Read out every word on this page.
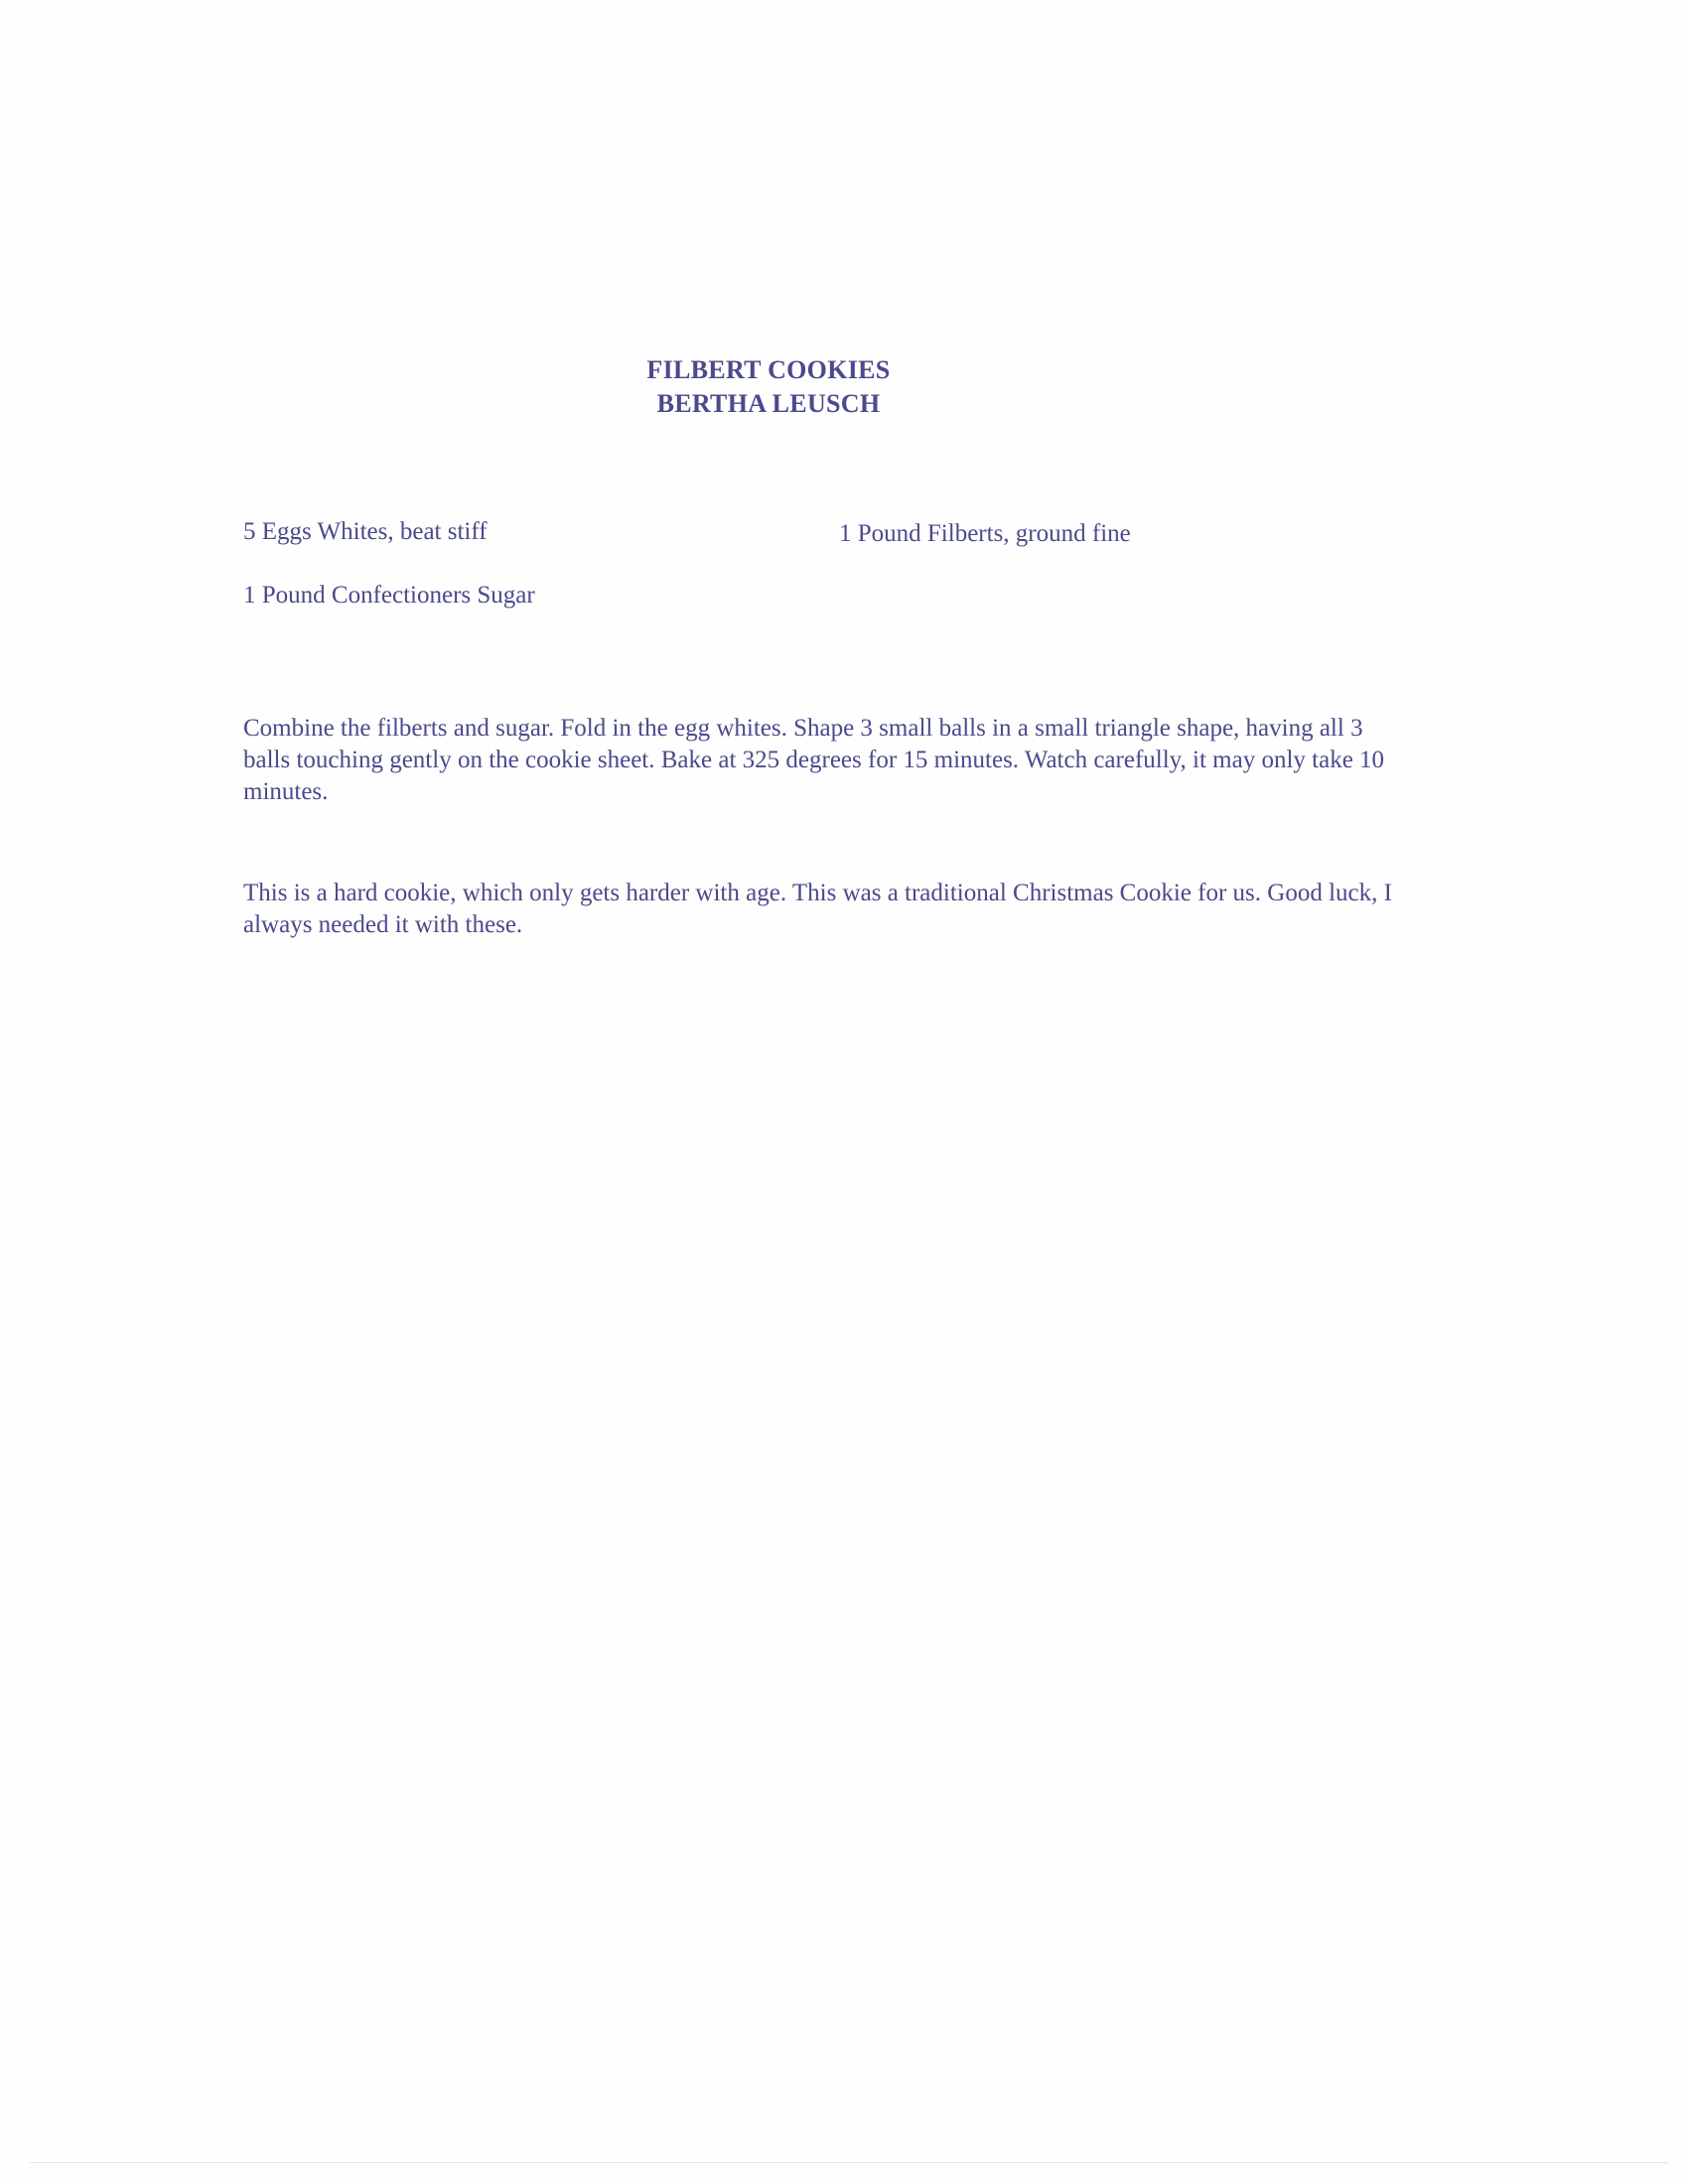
FILBERT COOKIES
BERTHA LEUSCH
5 Eggs Whites, beat stiff	1 Pound Filberts, ground fine
1 Pound Confectioners Sugar
Combine the filberts and sugar. Fold in the egg whites. Shape 3 small balls in a small triangle shape, having all 3 balls touching gently on the cookie sheet. Bake at 325 degrees for 15 minutes. Watch carefully, it may only take 10 minutes.
This is a hard cookie, which only gets harder with age. This was a traditional Christmas Cookie for us. Good luck, I always needed it with these.
